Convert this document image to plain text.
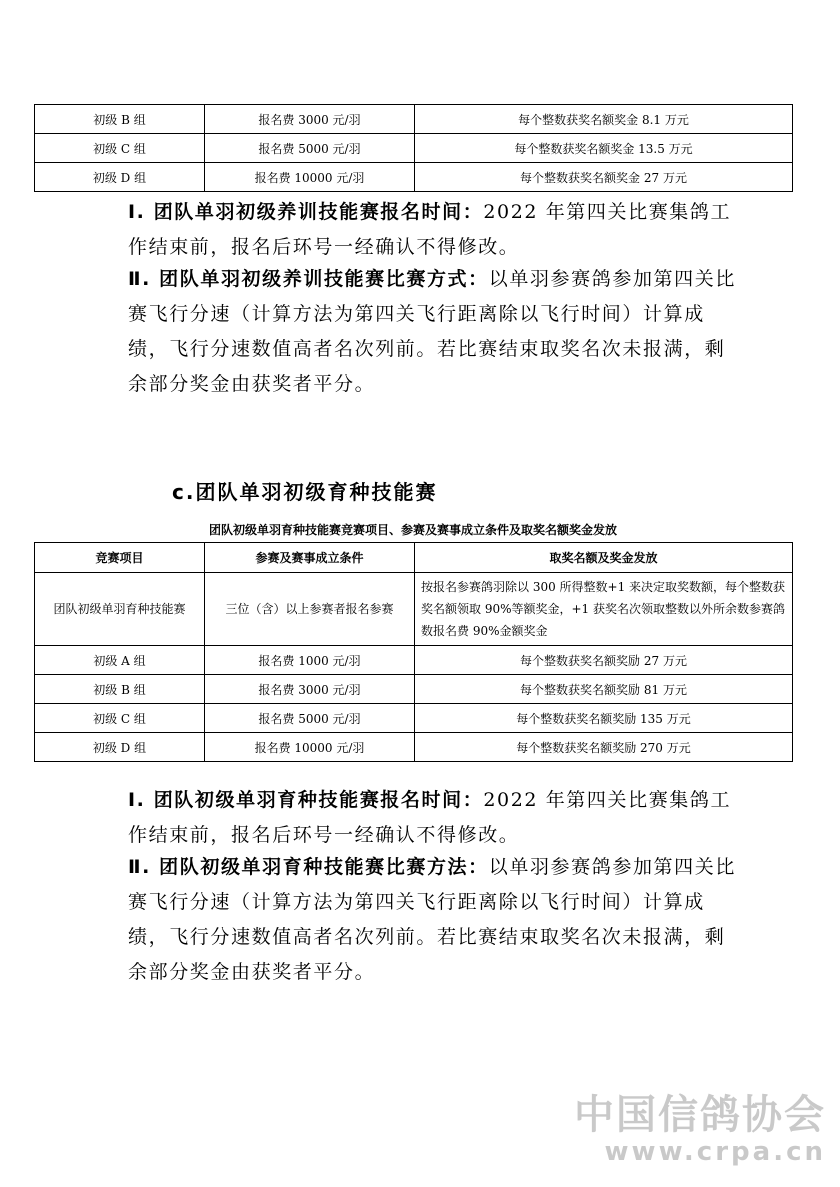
初级 B 组	报名费 3000 元/羽	每个整数获奖名额奖金 8.1 万元
初级 C 组	报名费 5000 元/羽	每个整数获奖名额奖金 13.5 万元
初级 D 组	报名费 10000 元/羽	每个整数获奖名额奖金 27 万元
Ⅰ. 团队单羽初级养训技能赛报名时间：2022 年第四关比赛集鸽工作结束前，报名后环号一经确认不得修改。
Ⅱ. 团队单羽初级养训技能赛比赛方式：以单羽参赛鸽参加第四关比赛飞行分速（计算方法为第四关飞行距离除以飞行时间）计算成绩，飞行分速数值高者名次列前。若比赛结束取奖名次未报满，剩余部分奖金由获奖者平分。
c.团队单羽初级育种技能赛
团队初级单羽育种技能赛竞赛项目、参赛及赛事成立条件及取奖名额奖金发放
竞赛项目	参赛及赛事成立条件	取奖名额及奖金发放
团队初级单羽育种技能赛	三位（含）以上参赛者报名参赛	按报名参赛鸽羽除以 300 所得整数+1 来决定取奖数额，每个整数获奖名额领取 90%等额奖金，+1 获奖名次领取整数以外所余数参赛鸽数报名费 90%金额奖金
初级 A 组	报名费 1000 元/羽	每个整数获奖名额奖励 27 万元
初级 B 组	报名费 3000 元/羽	每个整数获奖名额奖励 81 万元
初级 C 组	报名费 5000 元/羽	每个整数获奖名额奖励 135 万元
初级 D 组	报名费 10000 元/羽	每个整数获奖名额奖励 270 万元
Ⅰ. 团队初级单羽育种技能赛报名时间：2022 年第四关比赛集鸽工作结束前，报名后环号一经确认不得修改。
Ⅱ. 团队初级单羽育种技能赛比赛方法：以单羽参赛鸽参加第四关比赛飞行分速（计算方法为第四关飞行距离除以飞行时间）计算成绩，飞行分速数值高者名次列前。若比赛结束取奖名次未报满，剩余部分奖金由获奖者平分。
中国信鸽协会
www.crpa.cn
